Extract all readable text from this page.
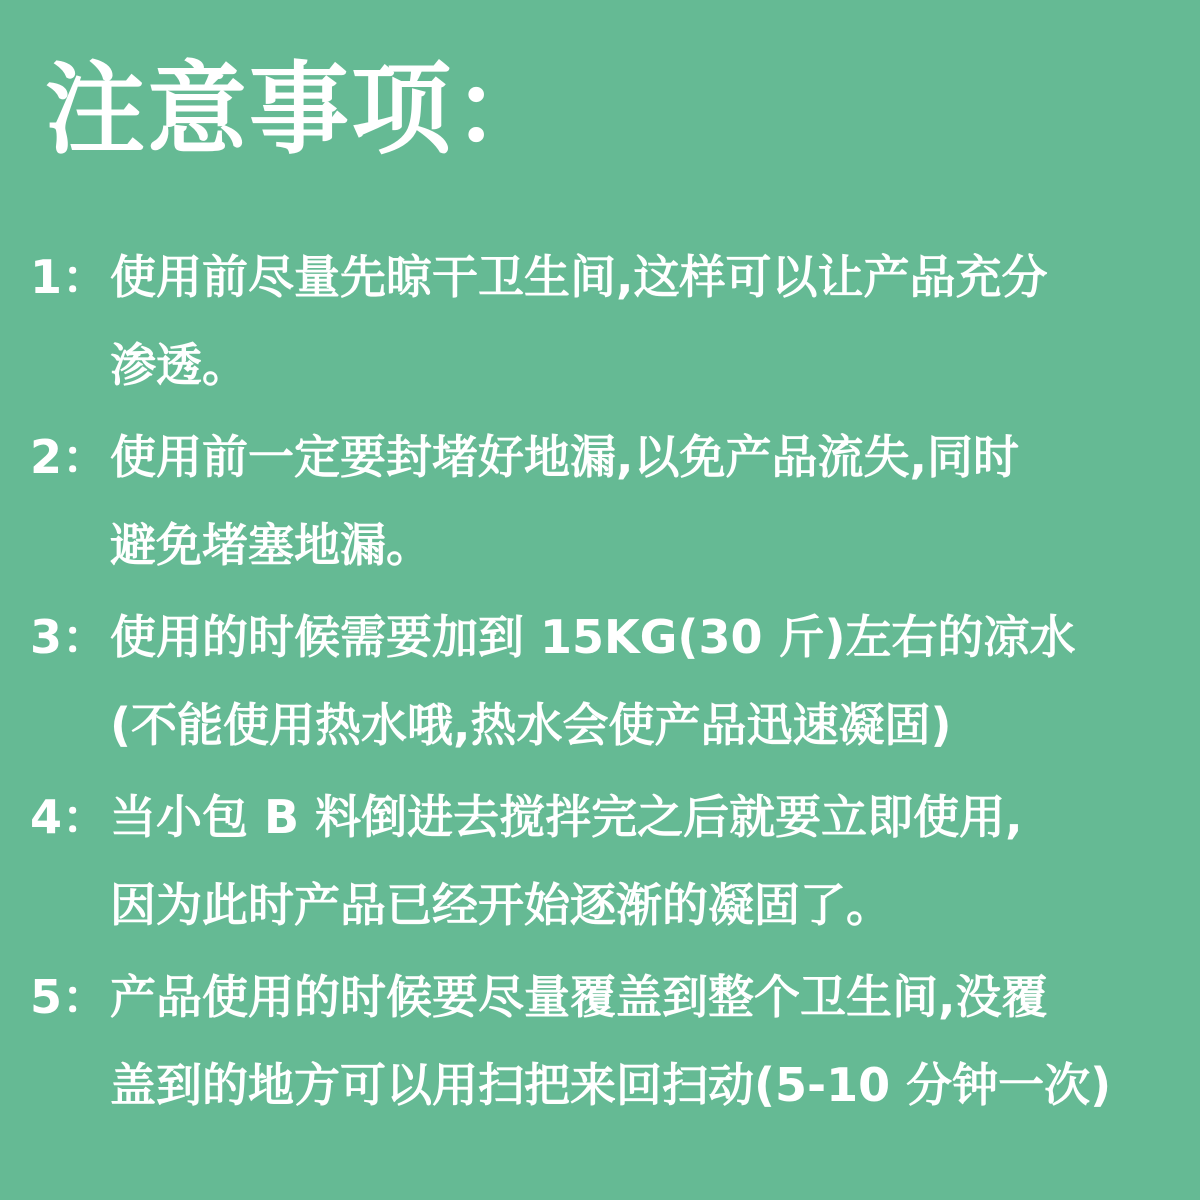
注意事项：
1： 使用前尽量先晾干卫生间,这样可以让产品充分
渗透。
2： 使用前一定要封堵好地漏,以免产品流失,同时
避免堵塞地漏。
3： 使用的时候需要加到 15KG(30 斤)左右的凉水
(不能使用热水哦,热水会使产品迅速凝固)
4： 当小包 B 料倒进去搅拌完之后就要立即使用,
因为此时产品已经开始逐渐的凝固了。
5： 产品使用的时候要尽量覆盖到整个卫生间,没覆
盖到的地方可以用扫把来回扫动(5-10 分钟一次)
